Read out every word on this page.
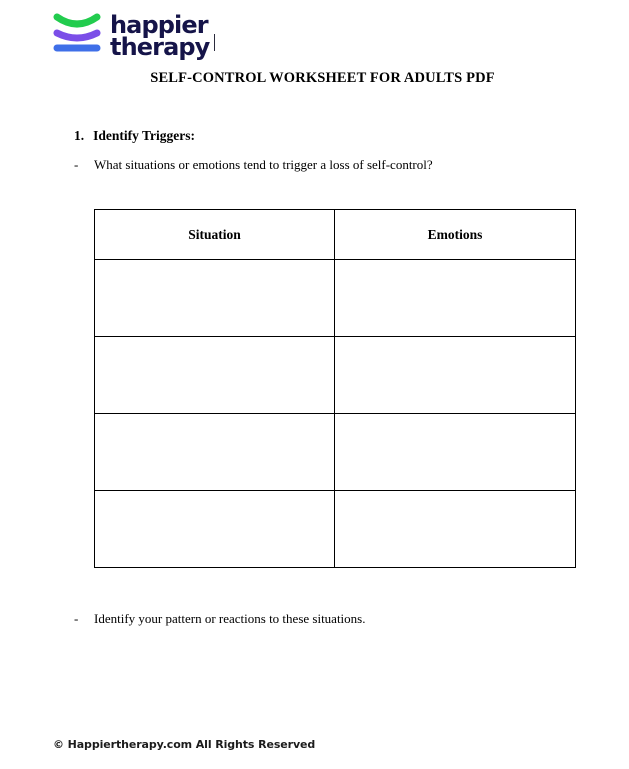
happier
therapy
SELF-CONTROL WORKSHEET FOR ADULTS PDF
1. Identify Triggers:
-	What situations or emotions tend to trigger a loss of self-control?
Situation	Emotions

-	Identify your pattern or reactions to these situations.
© Happiertherapy.com All Rights Reserved
